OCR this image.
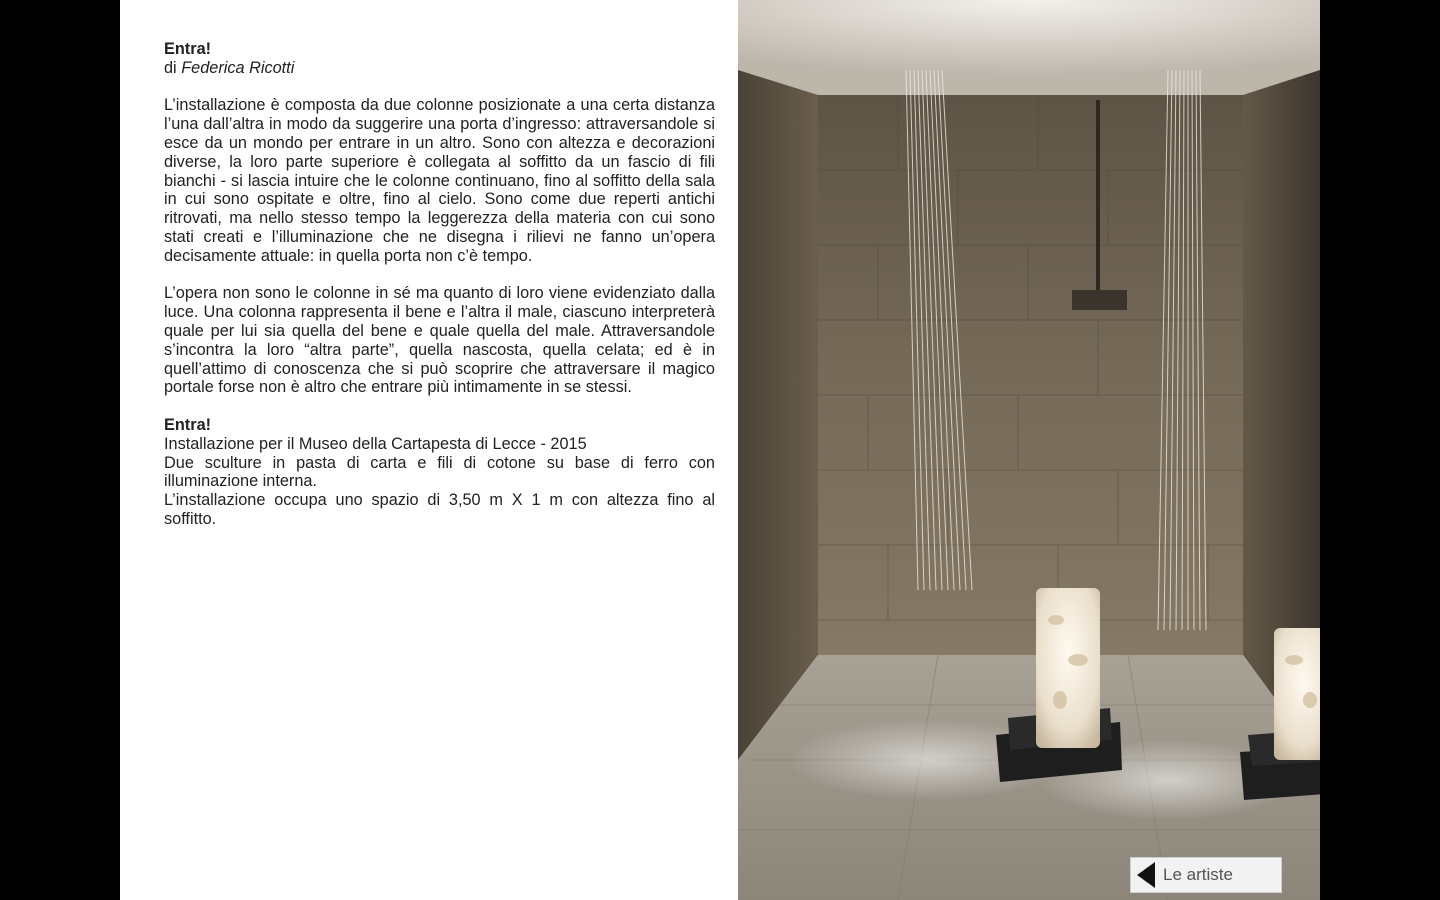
Entra!
di Federica Ricotti

L’installazione è composta da due colonne posizionate a una certa distanza l’una dall’altra in modo da suggerire una porta d’ingresso: attraversandole si esce da un mondo per entrare in un altro. Sono con altezza e decorazioni diverse, la loro parte superiore è collegata al soffitto da un fascio di fili bianchi - si lascia intuire che le colonne continuano, fino al soffitto della sala in cui sono ospitate e oltre, fino al cielo. Sono come due reperti antichi ritrovati, ma nello stesso tempo la leggerezza della materia con cui sono stati creati e l’illuminazione che ne disegna i rilievi ne fanno un’opera decisamente attuale: in quella porta non c’è tempo.

L’opera non sono le colonne in sé ma quanto di loro viene evidenziato dalla luce. Una colonna rappresenta il bene e l’altra il male, ciascuno interpreterà quale per lui sia quella del bene e quale quella del male. Attraversandole s’incontra la loro “altra parte”, quella nascosta, quella celata; ed è in quell’attimo di conoscenza che si può scoprire che attraversare il magico portale forse non è altro che entrare più intimamente in se stessi.

Entra!
Installazione per il Museo della Cartapesta di Lecce - 2015
Due sculture in pasta di carta e fili di cotone su base di ferro con illuminazione interna.
L’installazione occupa uno spazio di 3,50 m X 1 m con altezza fino al soffitto.

Le artiste
